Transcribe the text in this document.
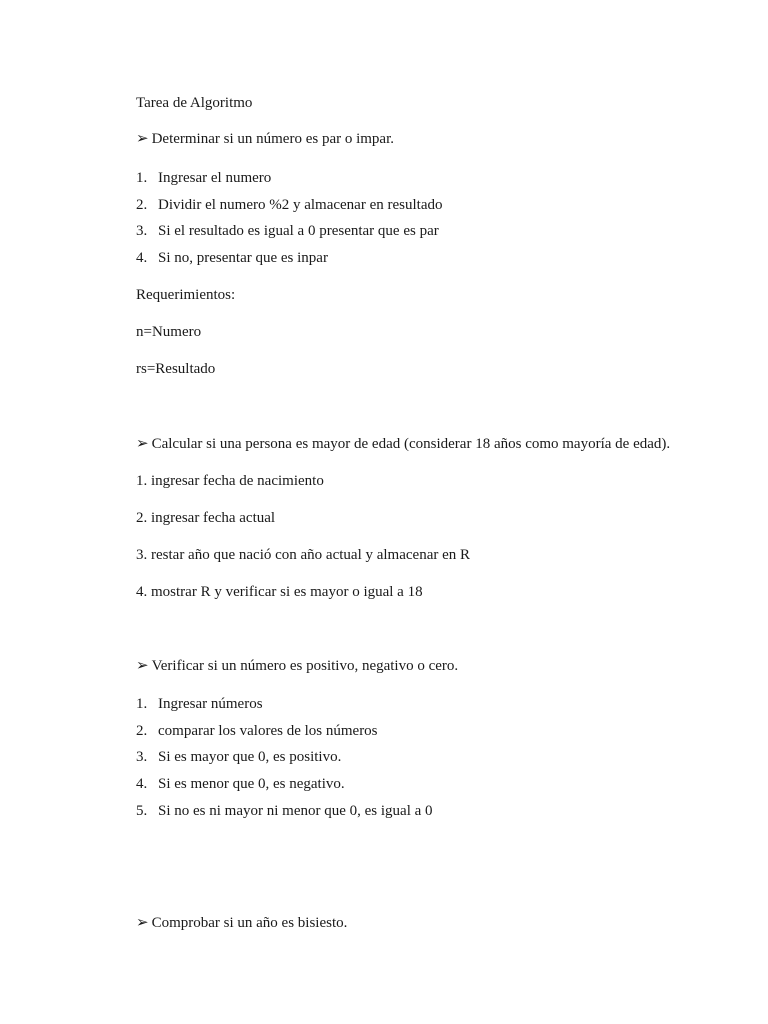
Tarea de Algoritmo
➢ Determinar si un número es par o impar.
1. Ingresar el numero
2. Dividir el numero %2 y almacenar en resultado
3. Si el resultado es igual a 0 presentar que es par
4. Si no, presentar que es inpar
Requerimientos:
n=Numero
rs=Resultado
➢ Calcular si una persona es mayor de edad (considerar 18 años como mayoría de edad).
1. ingresar fecha de nacimiento
2. ingresar fecha actual
3. restar año que nació con año actual y almacenar en R
4. mostrar R y verificar si es mayor o igual a 18
➢ Verificar si un número es positivo, negativo o cero.
1. Ingresar números
2. comparar los valores de los números
3. Si es mayor que 0, es positivo.
4. Si es menor que 0, es negativo.
5. Si no es ni mayor ni menor que 0, es igual a 0
➢ Comprobar si un año es bisiesto.
